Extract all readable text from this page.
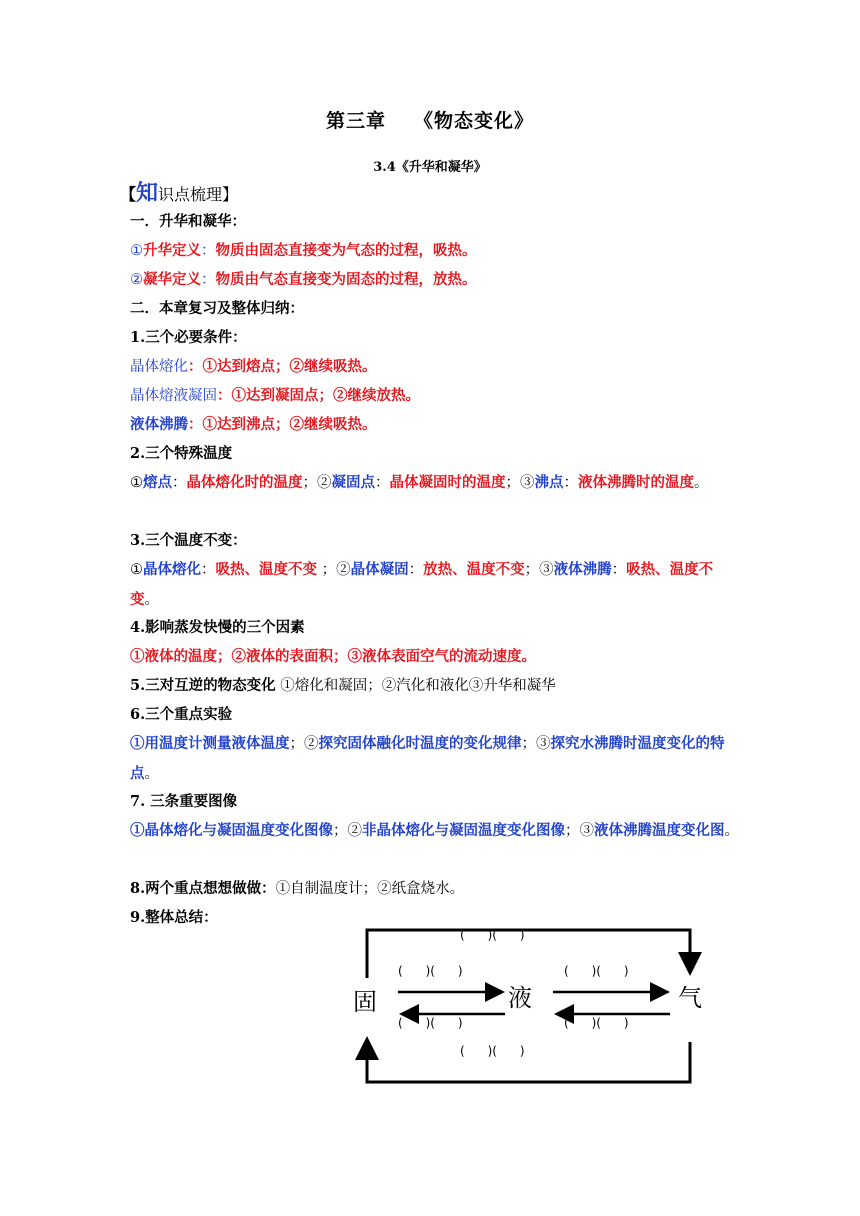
第三章 《物态变化》
3.4《升华和凝华》
【知识点梳理】
一．升华和凝华：
①升华定义：物质由固态直接变为气态的过程，吸热。
②凝华定义：物质由气态直接变为固态的过程，放热。
二．本章复习及整体归纳：
1.三个必要条件：
晶体熔化：①达到熔点；②继续吸热。
晶体熔液凝固：①达到凝固点；②继续放热。
液体沸腾：①达到沸点；②继续吸热。
2.三个特殊温度
①熔点：晶体熔化时的温度；②凝固点：晶体凝固时的温度；③沸点：液体沸腾时的温度。
3.三个温度不变：
①晶体熔化：吸热、温度不变 ；②晶体凝固：放热、温度不变；③液体沸腾：吸热、温度不变。
4.影响蒸发快慢的三个因素
①液体的温度；②液体的表面积；③液体表面空气的流动速度。
5.三对互逆的物态变化 ①熔化和凝固；②汽化和液化③升华和凝华
6.三个重点实验
①用温度计测量液体温度；②探究固体融化时温度的变化规律；③探究水沸腾时温度变化的特点。
7. 三条重要图像
①晶体熔化与凝固温度变化图像；②非晶体熔化与凝固温度变化图像；③液体沸腾温度变化图。
8.两个重点想想做做：①自制温度计；②纸盒烧水。
9.整体总结：
(      )(      )
(      )(      )	(      )(      )
(      )(      )	(      )(      )
(      )(      )
固	液	气
